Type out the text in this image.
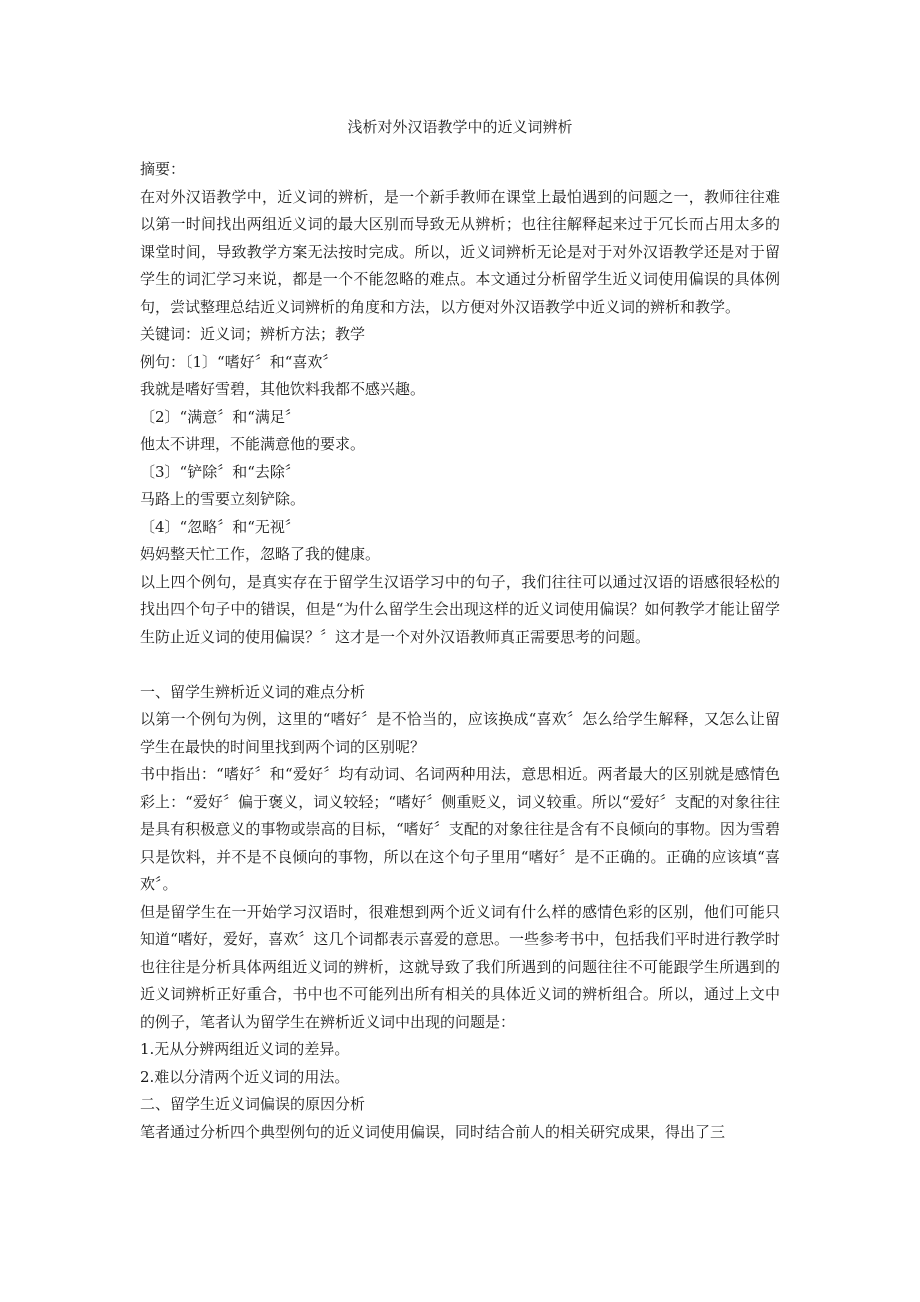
浅析对外汉语教学中的近义词辨析

摘要：

在对外汉语教学中，近义词的辨析，是一个新手教师在课堂上最怕遇到的问题之一，教师往往难以第一时间找出两组近义词的最大区别而导致无从辨析；也往往解释起来过于冗长而占用太多的课堂时间，导致教学方案无法按时完成。所以，近义词辨析无论是对于对外汉语教学还是对于留学生的词汇学习来说，都是一个不能忽略的难点。本文通过分析留学生近义词使用偏误的具体例句，尝试整理总结近义词辨析的角度和方法，以方便对外汉语教学中近义词的辨析和教学。

关键词：近义词；辨析方法；教学

例句：〔1〕“嗜好〞和“喜欢〞

我就是嗜好雪碧，其他饮料我都不感兴趣。

〔2〕“满意〞和“满足〞

他太不讲理，不能满意他的要求。

〔3〕“铲除〞和“去除〞

马路上的雪要立刻铲除。

〔4〕“忽略〞和“无视〞

妈妈整天忙工作，忽略了我的健康。

以上四个例句，是真实存在于留学生汉语学习中的句子，我们往往可以通过汉语的语感很轻松的找出四个句子中的错误，但是“为什么留学生会出现这样的近义词使用偏误？如何教学才能让留学生防止近义词的使用偏误？〞这才是一个对外汉语教师真正需要思考的问题。

一、留学生辨析近义词的难点分析

以第一个例句为例，这里的“嗜好〞是不恰当的，应该换成“喜欢〞怎么给学生解释，又怎么让留学生在最快的时间里找到两个词的区别呢？

书中指出：“嗜好〞和“爱好〞均有动词、名词两种用法，意思相近。两者最大的区别就是感情色彩上：“爱好〞偏于褒义，词义较轻；“嗜好〞侧重贬义，词义较重。所以“爱好〞支配的对象往往是具有积极意义的事物或崇高的目标，“嗜好〞支配的对象往往是含有不良倾向的事物。因为雪碧只是饮料，并不是不良倾向的事物，所以在这个句子里用“嗜好〞是不正确的。正确的应该填“喜欢〞。

但是留学生在一开始学习汉语时，很难想到两个近义词有什么样的感情色彩的区别，他们可能只知道“嗜好，爱好，喜欢〞这几个词都表示喜爱的意思。一些参考书中，包括我们平时进行教学时也往往是分析具体两组近义词的辨析，这就导致了我们所遇到的问题往往不可能跟学生所遇到的近义词辨析正好重合，书中也不可能列出所有相关的具体近义词的辨析组合。所以，通过上文中的例子，笔者认为留学生在辨析近义词中出现的问题是：

1.无从分辨两组近义词的差异。

2.难以分清两个近义词的用法。

二、留学生近义词偏误的原因分析

笔者通过分析四个典型例句的近义词使用偏误，同时结合前人的相关研究成果，得出了三
